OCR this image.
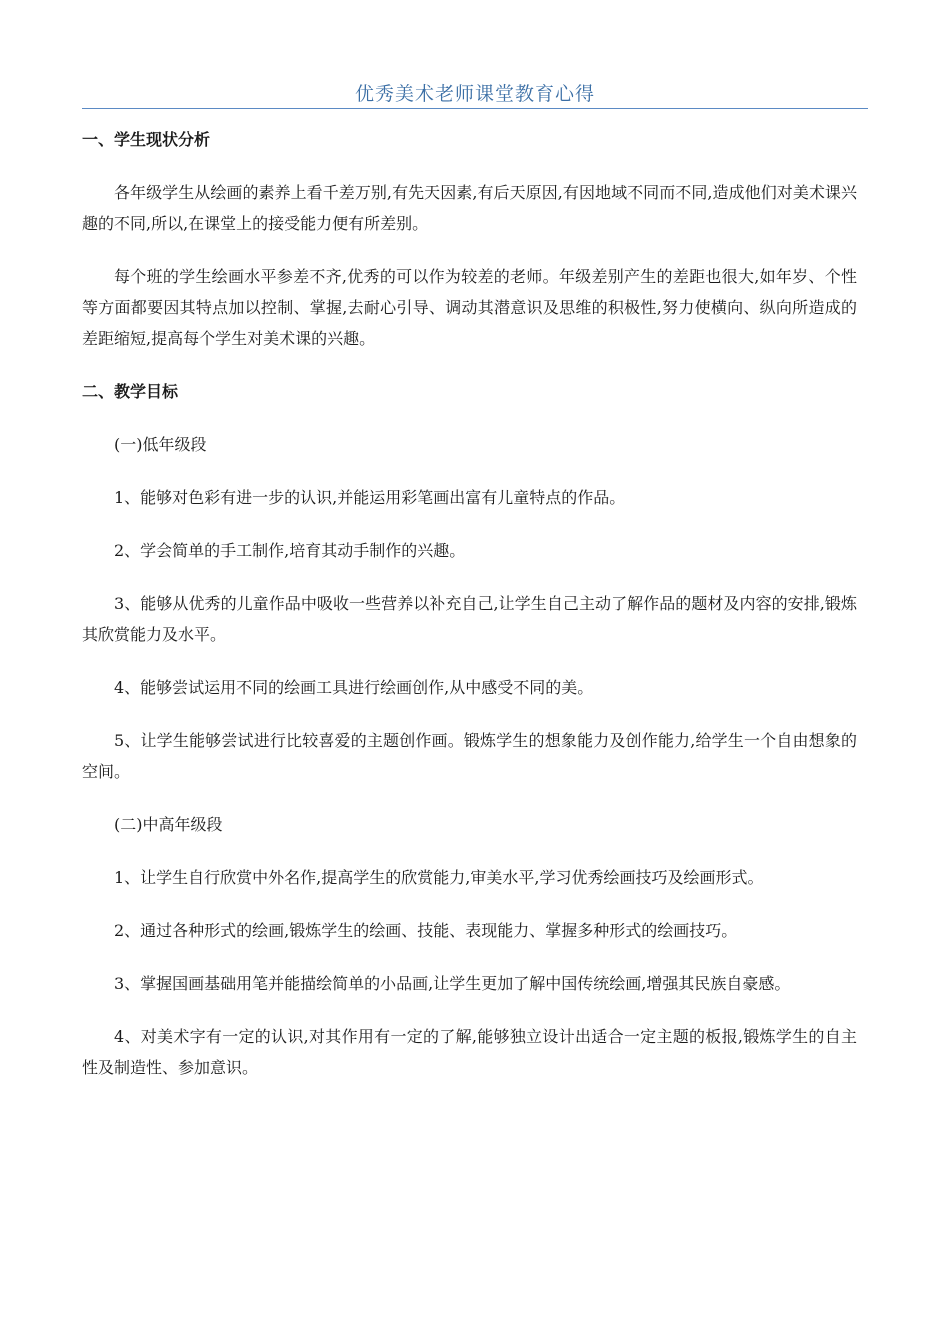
优秀美术老师课堂教育心得

一、学生现状分析

各年级学生从绘画的素养上看千差万别,有先天因素,有后天原因,有因地域不同而不同,造成他们对美术课兴趣的不同,所以,在课堂上的接受能力便有所差别。

每个班的学生绘画水平参差不齐,优秀的可以作为较差的老师。年级差别产生的差距也很大,如年岁、个性等方面都要因其特点加以控制、掌握,去耐心引导、调动其潜意识及思维的积极性,努力使横向、纵向所造成的差距缩短,提高每个学生对美术课的兴趣。

二、教学目标

(一)低年级段

1、能够对色彩有进一步的认识,并能运用彩笔画出富有儿童特点的作品。

2、学会简单的手工制作,培育其动手制作的兴趣。

3、能够从优秀的儿童作品中吸收一些营养以补充自己,让学生自己主动了解作品的题材及内容的安排,锻炼其欣赏能力及水平。

4、能够尝试运用不同的绘画工具进行绘画创作,从中感受不同的美。

5、让学生能够尝试进行比较喜爱的主题创作画。锻炼学生的想象能力及创作能力,给学生一个自由想象的空间。

(二)中高年级段

1、让学生自行欣赏中外名作,提高学生的欣赏能力,审美水平,学习优秀绘画技巧及绘画形式。

2、通过各种形式的绘画,锻炼学生的绘画、技能、表现能力、掌握多种形式的绘画技巧。

3、掌握国画基础用笔并能描绘简单的小品画,让学生更加了解中国传统绘画,增强其民族自豪感。

4、对美术字有一定的认识,对其作用有一定的了解,能够独立设计出适合一定主题的板报,锻炼学生的自主性及制造性、参加意识。
